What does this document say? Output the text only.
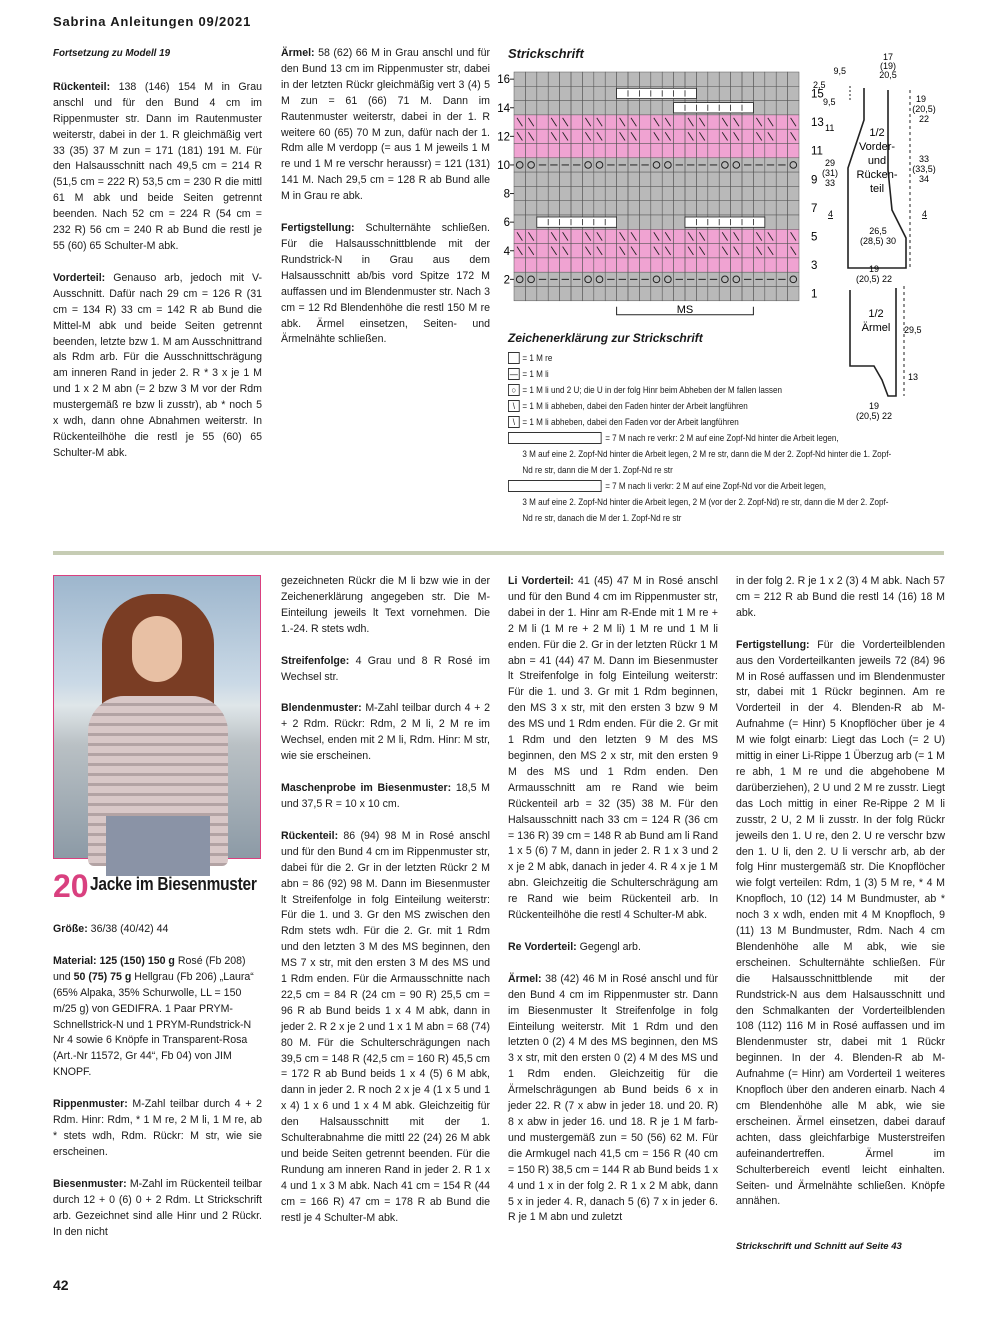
Sabrina Anleitungen 09/2021

Fortsetzung zu Modell 19

Rückenteil: 138 (146) 154 M in Grau anschl und für den Bund 4 cm im Rippenmuster str. Dann im Rautenmuster weiterstr, dabei in der 1. R gleichmäßig vert 33 (35) 37 M zun = 171 (181) 191 M. Für den Halsausschnitt nach 49,5 cm = 214 R (51,5 cm = 222 R) 53,5 cm = 230 R die mittl 61 M abk und beide Seiten getrennt beenden. Nach 52 cm = 224 R (54 cm = 232 R) 56 cm = 240 R ab Bund die restl je 55 (60) 65 Schulter-M abk.

Vorderteil: Genauso arb, jedoch mit V-Ausschnitt. Dafür nach 29 cm = 126 R (31 cm = 134 R) 33 cm = 142 R ab Bund die Mittel-M abk und beide Seiten getrennt beenden, letzte bzw 1. M am Ausschnittrand als Rdm arb. Für die Ausschnittschrägung am inneren Rand in jeder 2. R * 3 x je 1 M und 1 x 2 M abn (= 2 bzw 3 M vor der Rdm mustergemäß re bzw li zusstr), ab * noch 5 x wdh, dann ohne Abnahmen weiterstr. In Rückenteilhöhe die restl je 55 (60) 65 Schulter-M abk.

Ärmel: 58 (62) 66 M in Grau anschl und für den Bund 13 cm im Rippenmuster str, dabei in der letzten Rückr gleichmäßig vert 3 (4) 5 M zun = 61 (66) 71 M. Dann im Rautenmuster weiterstr, dabei in der 1. R weitere 60 (65) 70 M zun, dafür nach der 1. Rdm alle M verdopp (= aus 1 M jeweils 1 M re und 1 M re verschr heraussr) = 121 (131) 141 M. Nach 29,5 cm = 128 R ab Bund alle M in Grau re abk.

Fertigstellung: Schulternähte schließen. Für die Halsausschnittblende mit der Rundstrick-N in Grau aus dem Halsausschnitt ab/bis vord Spitze 172 M auffassen und im Blendenmuster str. Nach 3 cm = 12 Rd Blendenhöhe die restl 150 M re abk. Ärmel einsetzen, Seiten- und Ärmelnähte schließen.

Strickschrift
16
14
12
10
8
6
4
2
15
13
11
9
7
5
3
1
MS
9,5
17
(19)
20,5
2,5
9,5
11
19
(20,5)
22
29
(31)
33
33
(33,5)
34
1/2
Vorder-
und
Rücken-
teil
4	4
26,5
(28,5) 30
19
(20,5) 22
1/2
Ärmel 29,5
13
19
(20,5) 22
Zeichenerklärung zur Strickschrift
= 1 M re
— = 1 M li
○ = 1 M li und 2 U; die U in der folg Hinr beim Abheben der M fallen lassen
\ = 1 M li abheben, dabei den Faden hinter der Arbeit langführen
\ = 1 M li abheben, dabei den Faden vor der Arbeit langführen
= 7 M nach re verkr: 2 M auf eine Zopf-Nd hinter die Arbeit legen,
3 M auf eine 2. Zopf-Nd hinter die Arbeit legen, 2 M re str, dann die M der 2. Zopf-Nd hinter die 1. Zopf-
Nd re str, dann die M der 1. Zopf-Nd re str
= 7 M nach li verkr: 2 M auf eine Zopf-Nd vor die Arbeit legen,
3 M auf eine 2. Zopf-Nd hinter die Arbeit legen, 2 M (vor der 2. Zopf-Nd) re str, dann die M der 2. Zopf-
Nd re str, danach die M der 1. Zopf-Nd re str
20 Jacke im Biesenmuster

Größe: 36/38 (40/42) 44

Material: 125 (150) 150 g Rosé (Fb 208) und 50 (75) 75 g Hellgrau (Fb 206) „Laura“ (65% Alpaka, 35% Schurwolle, LL = 150 m/25 g) von GEDIFRA. 1 Paar PRYM-Schnellstrick-N und 1 PRYM-Rundstrick-N Nr 4 sowie 6 Knöpfe in Transparent-Rosa (Art.-Nr 11572, Gr 44“, Fb 04) von JIM KNOPF.

Rippenmuster: M-Zahl teilbar durch 4 + 2 Rdm. Hinr: Rdm, * 1 M re, 2 M li, 1 M re, ab * stets wdh, Rdm. Rückr: M str, wie sie erscheinen.

Biesenmuster: M-Zahl im Rückenteil teilbar durch 12 + 0 (6) 0 + 2 Rdm. Lt Strickschrift arb. Gezeichnet sind alle Hinr und 2 Rückr. In den nicht

gezeichneten Rückr die M li bzw wie in der Zeichenerklärung angegeben str. Die M-Einteilung jeweils lt Text vornehmen. Die 1.-24. R stets wdh.

Streifenfolge: 4 Grau und 8 R Rosé im Wechsel str.

Blendenmuster: M-Zahl teilbar durch 4 + 2 + 2 Rdm. Rückr: Rdm, 2 M li, 2 M re im Wechsel, enden mit 2 M li, Rdm. Hinr: M str, wie sie erscheinen.

Maschenprobe im Biesenmuster: 18,5 M und 37,5 R = 10 x 10 cm.

Rückenteil: 86 (94) 98 M in Rosé anschl und für den Bund 4 cm im Rippenmuster str, dabei für die 2. Gr in der letzten Rückr 2 M abn = 86 (92) 98 M. Dann im Biesenmuster lt Streifenfolge in folg Einteilung weiterstr: Für die 1. und 3. Gr den MS zwischen den Rdm stets wdh. Für die 2. Gr. mit 1 Rdm und den letzten 3 M des MS beginnen, den MS 7 x str, mit den ersten 3 M des MS und 1 Rdm enden. Für die Armausschnitte nach 22,5 cm = 84 R (24 cm = 90 R) 25,5 cm = 96 R ab Bund beids 1 x 4 M abk, dann in jeder 2. R 2 x je 2 und 1 x 1 M abn = 68 (74) 80 M. Für die Schulterschrägungen nach 39,5 cm = 148 R (42,5 cm = 160 R) 45,5 cm = 172 R ab Bund beids 1 x 4 (5) 6 M abk, dann in jeder 2. R noch 2 x je 4 (1 x 5 und 1 x 4) 1 x 6 und 1 x 4 M abk. Gleichzeitig für den Halsausschnitt mit der 1. Schulterabnahme die mittl 22 (24) 26 M abk und beide Seiten getrennt beenden. Für die Rundung am inneren Rand in jeder 2. R 1 x 4 und 1 x 3 M abk. Nach 41 cm = 154 R (44 cm = 166 R) 47 cm = 178 R ab Bund die restl je 4 Schulter-M abk.

Li Vorderteil: 41 (45) 47 M in Rosé anschl und für den Bund 4 cm im Rippenmuster str, dabei in der 1. Hinr am R-Ende mit 1 M re + 2 M li (1 M re + 2 M li) 1 M re und 1 M li enden. Für die 2. Gr in der letzten Rückr 1 M abn = 41 (44) 47 M. Dann im Biesenmuster lt Streifenfolge in folg Einteilung weiterstr: Für die 1. und 3. Gr mit 1 Rdm beginnen, den MS 3 x str, mit den ersten 3 bzw 9 M des MS und 1 Rdm enden. Für die 2. Gr mit 1 Rdm und den letzten 9 M des MS beginnen, den MS 2 x str, mit den ersten 9 M des MS und 1 Rdm enden. Den Armausschnitt am re Rand wie beim Rückenteil arb = 32 (35) 38 M. Für den Halsausschnitt nach 33 cm = 124 R (36 cm = 136 R) 39 cm = 148 R ab Bund am li Rand 1 x 5 (6) 7 M, dann in jeder 2. R 1 x 3 und 2 x je 2 M abk, danach in jeder 4. R 4 x je 1 M abn. Gleichzeitig die Schulterschrägung am re Rand wie beim Rückenteil arb. In Rückenteilhöhe die restl 4 Schulter-M abk.

Re Vorderteil: Gegengl arb.

Ärmel: 38 (42) 46 M in Rosé anschl und für den Bund 4 cm im Rippenmuster str. Dann im Biesenmuster lt Streifenfolge in folg Einteilung weiterstr. Mit 1 Rdm und den letzten 0 (2) 4 M des MS beginnen, den MS 3 x str, mit den ersten 0 (2) 4 M des MS und 1 Rdm enden. Gleichzeitig für die Ärmelschrägungen ab Bund beids 6 x in jeder 22. R (7 x abw in jeder 18. und 20. R) 8 x abw in jeder 16. und 18. R je 1 M farb- und mustergemäß zun = 50 (56) 62 M. Für die Armkugel nach 41,5 cm = 156 R (40 cm = 150 R) 38,5 cm = 144 R ab Bund beids 1 x 4 und 1 x in der folg 2. R 1 x 2 M abk, dann 5 x in jeder 4. R, danach 5 (6) 7 x in jeder 6. R je 1 M abn und zuletzt

in der folg 2. R je 1 x 2 (3) 4 M abk. Nach 57 cm = 212 R ab Bund die restl 14 (16) 18 M abk.

Fertigstellung: Für die Vorderteilblenden aus den Vorderteilkanten jeweils 72 (84) 96 M in Rosé auffassen und im Blendenmuster str, dabei mit 1 Rückr beginnen. Am re Vorderteil in der 4. Blenden-R ab M-Aufnahme (= Hinr) 5 Knopflöcher über je 4 M wie folgt einarb: Liegt das Loch (= 2 U) mittig in einer Li-Rippe 1 Überzug arb (= 1 M re abh, 1 M re und die abgehobene M darüberziehen), 2 U und 2 M re zusstr. Liegt das Loch mittig in einer Re-Rippe 2 M li zusstr, 2 U, 2 M li zusstr. In der folg Rückr jeweils den 1. U re, den 2. U re verschr bzw den 1. U li, den 2. U li verschr arb, ab der folg Hinr mustergemäß str. Die Knopflöcher wie folgt verteilen: Rdm, 1 (3) 5 M re, * 4 M Knopfloch, 10 (12) 14 M Bundmuster, ab * noch 3 x wdh, enden mit 4 M Knopfloch, 9 (11) 13 M Bundmuster, Rdm. Nach 4 cm Blendenhöhe alle M abk, wie sie erscheinen. Schulternähte schließen. Für die Halsausschnittblende mit der Rundstrick-N aus dem Halsausschnitt und den Schmalkanten der Vorderteilblenden 108 (112) 116 M in Rosé auffassen und im Blendenmuster str, dabei mit 1 Rückr beginnen. In der 4. Blenden-R ab M-Aufnahme (= Hinr) am Vorderteil 1 weiteres Knopfloch über den anderen einarb. Nach 4 cm Blendenhöhe alle M abk, wie sie erscheinen. Ärmel einsetzen, dabei darauf achten, dass gleichfarbige Musterstreifen aufeinandertreffen. Ärmel im Schulterbereich eventl leicht einhalten. Seiten- und Ärmelnähte schließen. Knöpfe annähen.

Strickschrift und Schnitt auf Seite 43
42
